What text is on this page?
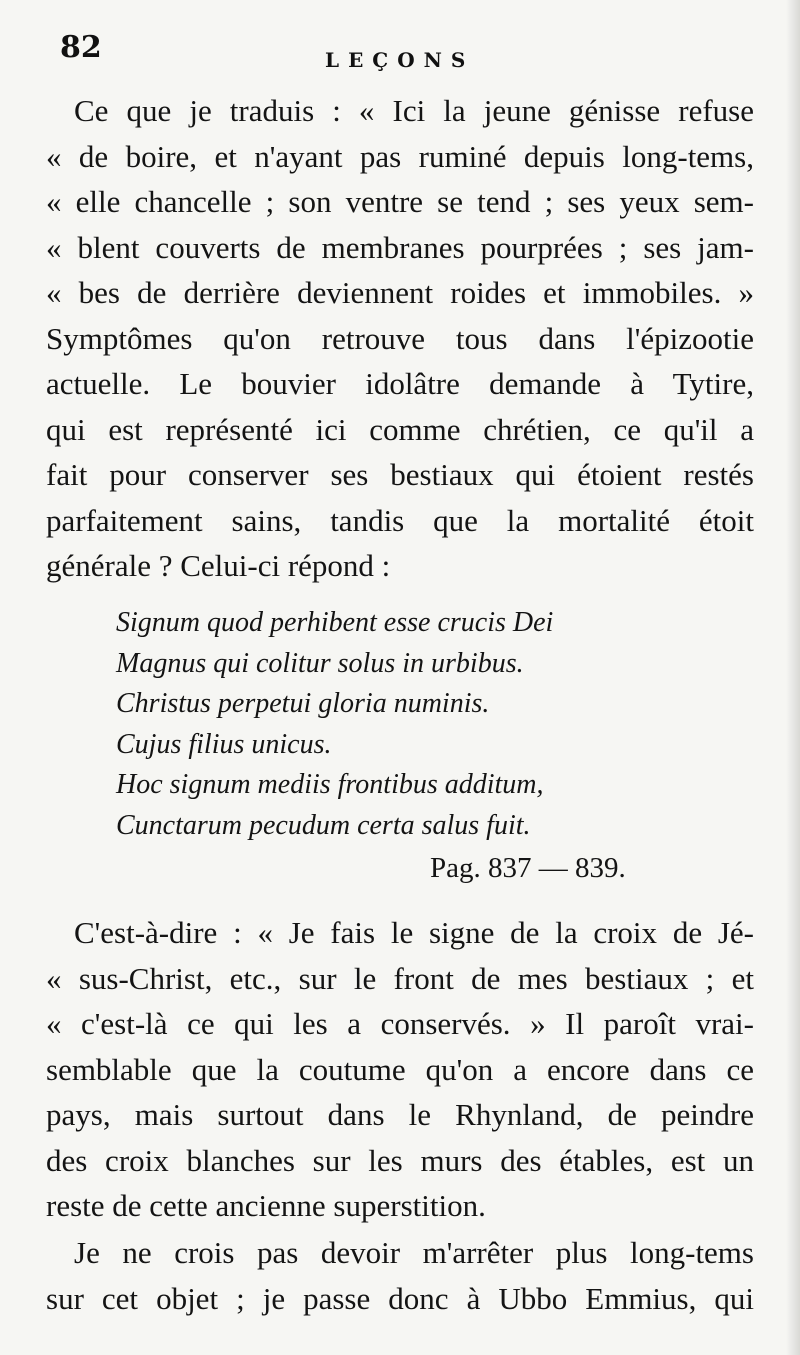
82	LEÇONS
Ce que je traduis : « Ici la jeune génisse refuse
« de boire, et n'ayant pas ruminé depuis long-tems,
« elle chancelle ; son ventre se tend ; ses yeux sem-
« blent couverts de membranes pourprées ; ses jam-
« bes de derrière deviennent roides et immobiles. »
Symptômes qu'on retrouve tous dans l'épizootie
actuelle. Le bouvier idolâtre demande à Tytire,
qui est représenté ici comme chrétien, ce qu'il a
fait pour conserver ses bestiaux qui étoient restés
parfaitement sains, tandis que la mortalité étoit
générale ? Celui-ci répond :
Signum quod perhibent esse crucis Dei
Magnus qui colitur solus in urbibus.
Christus perpetui gloria numinis.
Cujus filius unicus.
Hoc signum mediis frontibus additum,
Cunctarum pecudum certa salus fuit.
Pag. 837 — 839.
C'est-à-dire : « Je fais le signe de la croix de Jé-
« sus-Christ, etc., sur le front de mes bestiaux ; et
« c'est-là ce qui les a conservés. » Il paroît vrai-
semblable que la coutume qu'on a encore dans ce
pays, mais surtout dans le Rhynland, de peindre
des croix blanches sur les murs des étables, est un
reste de cette ancienne superstition.
Je ne crois pas devoir m'arrêter plus long-tems
sur cet objet ; je passe donc à Ubbo Emmius, qui
